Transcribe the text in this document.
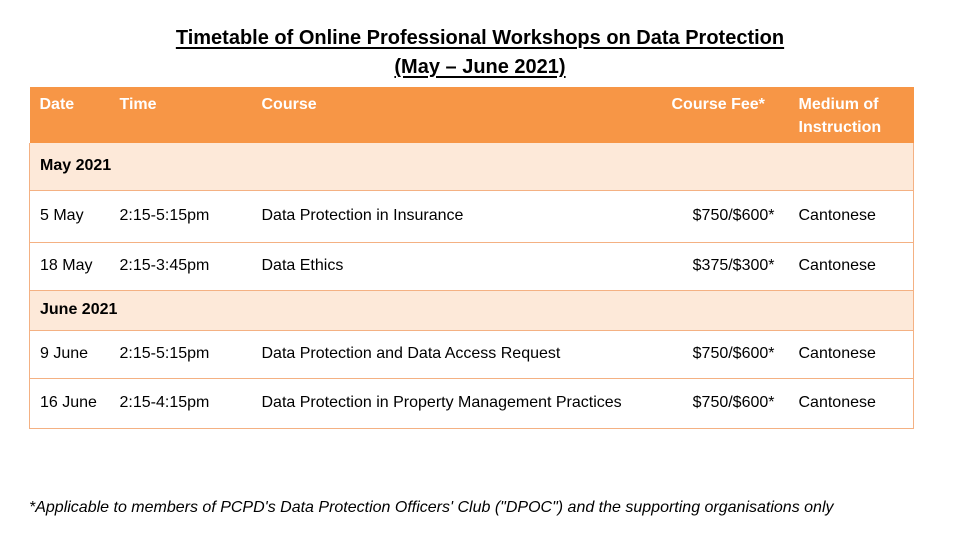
Timetable of Online Professional Workshops on Data Protection
(May – June 2021)
Date	Time	Course	Course Fee*	Medium of
Instruction
May 2021				
5 May	2:15-5:15pm	Data Protection in Insurance	$750/$600*	Cantonese
18 May	2:15-3:45pm	Data Ethics	$375/$300*	Cantonese
June 2021				
9 June	2:15-5:15pm	Data Protection and Data Access Request	$750/$600*	Cantonese
16 June	2:15-4:15pm	Data Protection in Property Management Practices	$750/$600*	Cantonese
*Applicable to members of PCPD's Data Protection Officers' Club ("DPOC") and the supporting organisations only
